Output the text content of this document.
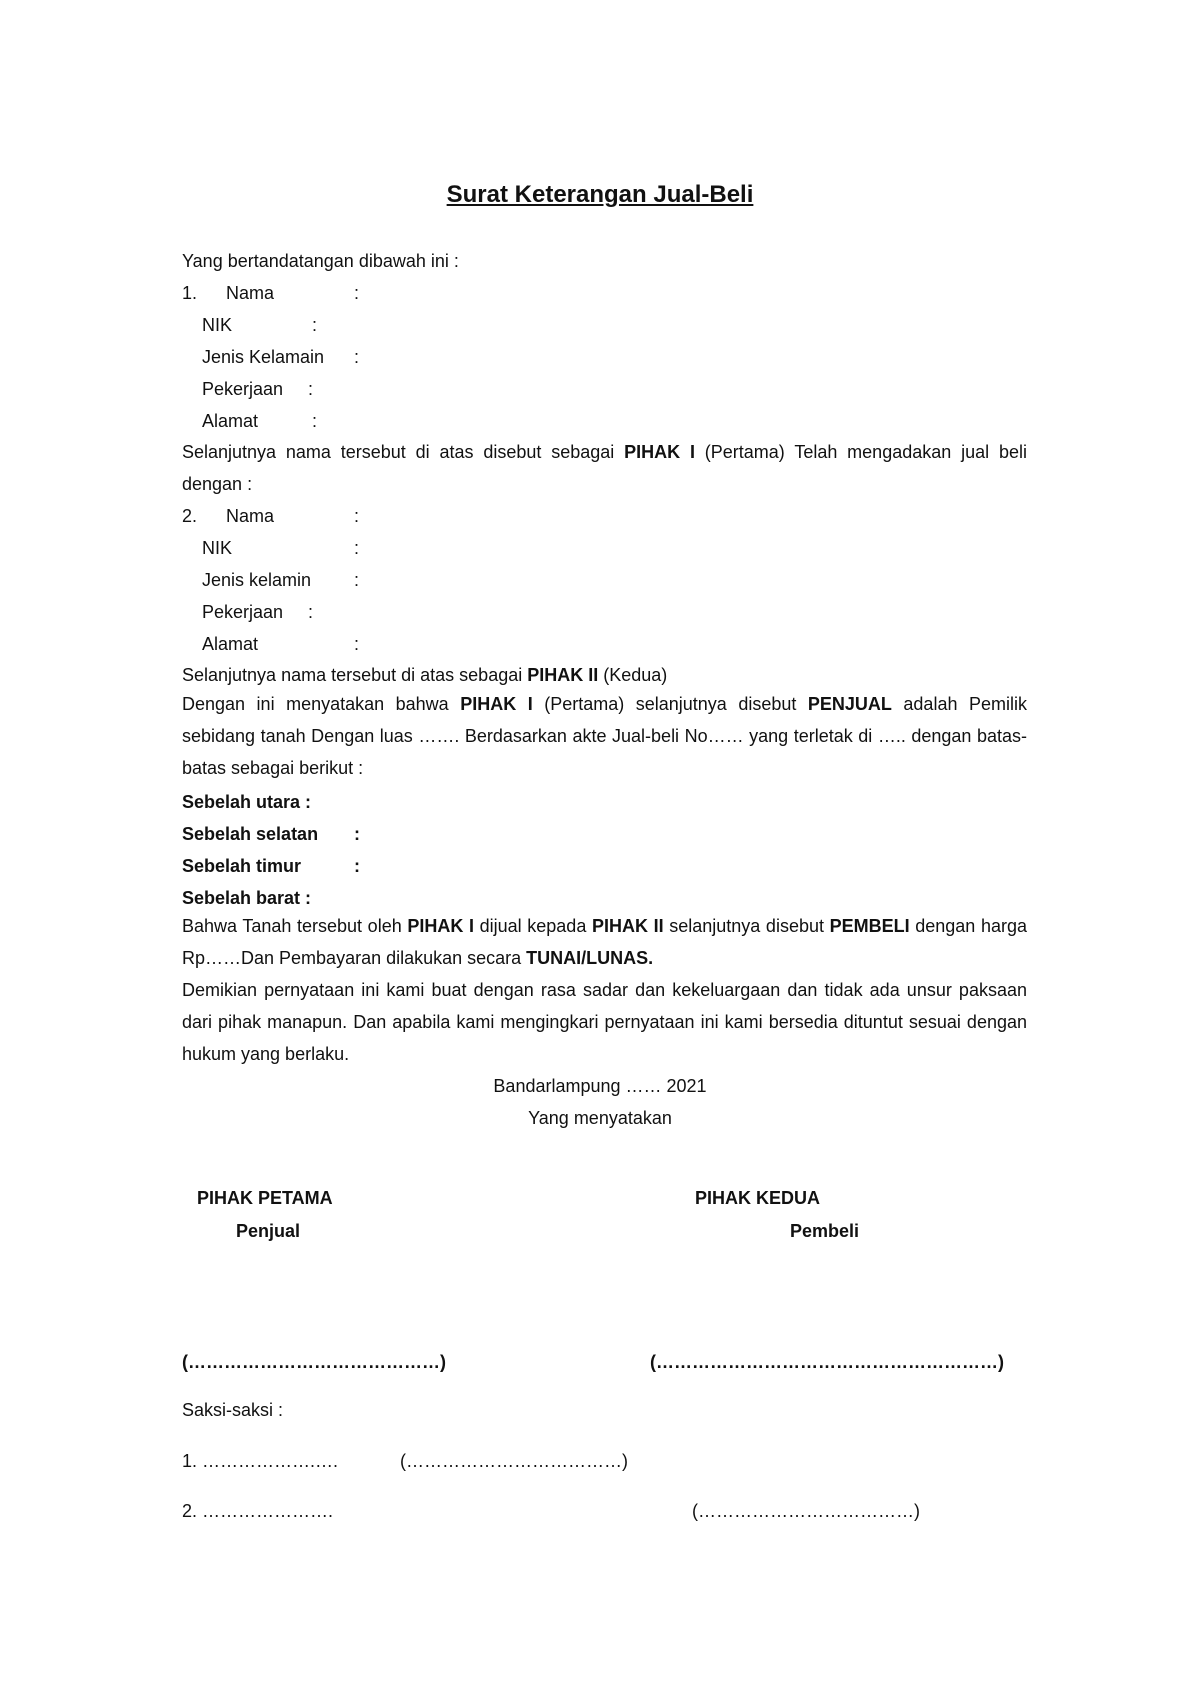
Surat Keterangan Jual-Beli
Yang bertandatangan dibawah ini :
1. Nama	:
NIK	:
Jenis Kelamain :
Pekerjaan :
Alamat	:
Selanjutnya nama tersebut di atas disebut sebagai PIHAK I (Pertama) Telah mengadakan jual beli dengan :
2. Nama	:
NIK	:
Jenis kelamin :
Pekerjaan :
Alamat	:
Selanjutnya nama tersebut di atas sebagai PIHAK II (Kedua)
Dengan ini menyatakan bahwa PIHAK I (Pertama) selanjutnya disebut PENJUAL adalah Pemilik sebidang tanah Dengan luas ……. Berdasarkan akte Jual-beli No…… yang terletak di ….. dengan batas-batas sebagai berikut :
Sebelah utara :
Sebelah selatan :
Sebelah timur	:
Sebelah barat :
Bahwa Tanah tersebut oleh PIHAK I dijual kepada PIHAK II selanjutnya disebut PEMBELI dengan harga Rp……Dan Pembayaran dilakukan secara TUNAI/LUNAS.
Demikian pernyataan ini kami buat dengan rasa sadar dan kekeluargaan dan tidak ada unsur paksaan dari pihak manapun. Dan apabila kami mengingkari pernyataan ini kami bersedia dituntut sesuai dengan hukum yang berlaku.
Bandarlampung …… 2021
Yang menyatakan
PIHAK PETAMA
Penjual
PIHAK KEDUA
Pembeli
(……………………………………)	(…………………………………………………)
Saksi-saksi :
1. ……………….….	(………………………………)
2. ………………….	(………………………………)
